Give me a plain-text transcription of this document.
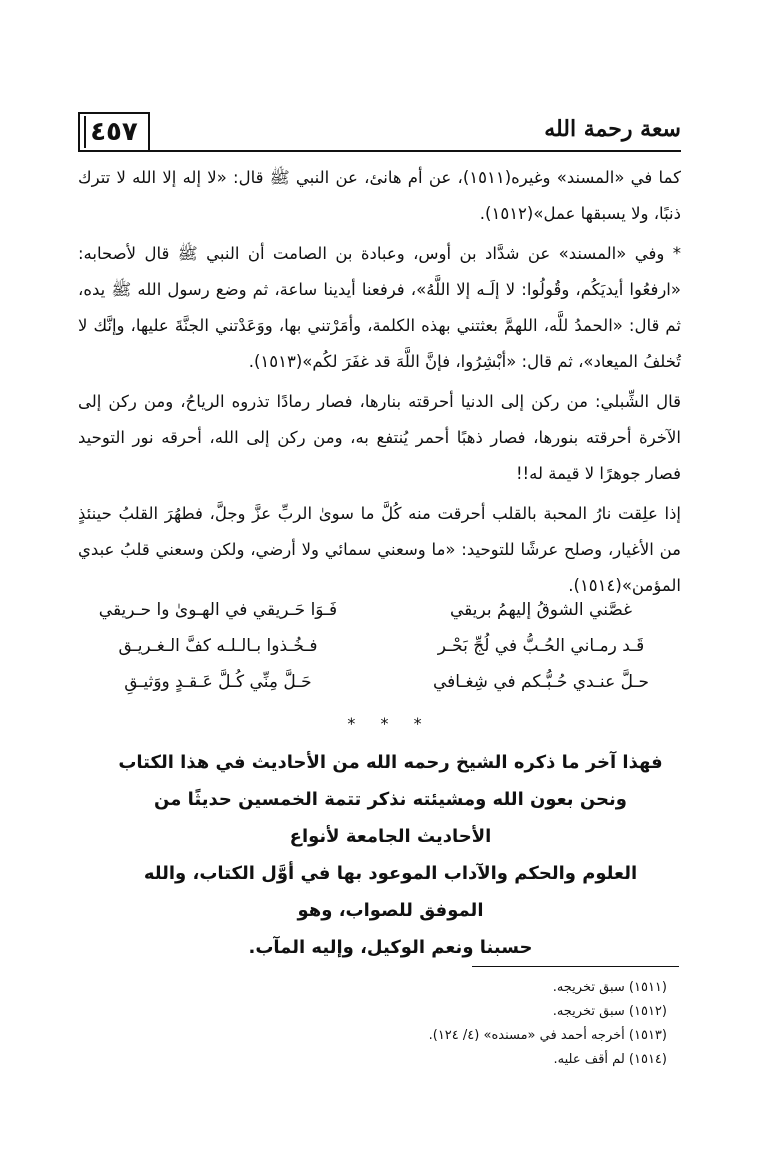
٤٥٧	سعة رحمة الله

كما في «المسند» وغيره(١٥١١)، عن أم هانئ، عن النبي ﷺ قال: «لا إله إلا الله لا تترك ذنبًا، ولا يسبقها عمل»(١٥١٢).

* وفي «المسند» عن شدَّاد بن أوس، وعبادة بن الصامت أن النبي ﷺ قال لأصحابه: «ارفعُوا أيديَكُم، وقُولُوا: لا إلَـه إلا اللَّهُ»، فرفعنا أيدينا ساعة، ثم وضع رسول الله ﷺ يده، ثم قال: «الحمدُ للَّه، اللهمَّ بعثتني بهذه الكلمة، وأمَرْتني بها، ووَعَدْتني الجنَّةَ عليها، وإنَّك لا تُخلفُ الميعاد»، ثم قال: «أبْشِرُوا، فإنَّ اللَّهَ قد غفَرَ لكُم»(١٥١٣).

قال الشِّبلي: من ركن إلى الدنيا أحرقته بنارها، فصار رمادًا تذروه الرياحُ، ومن ركن إلى الآخرة أحرقته بنورها، فصار ذهبًا أحمر يُنتفع به، ومن ركن إلى الله، أحرقه نور التوحيد فصار جوهرًا لا قيمة له!!

إذا علِقت نارُ المحبة بالقلب أحرقت منه كُلَّ ما سوىٰ الربِّ عزَّ وجلَّ، فطهُرَ القلبُ حينئذٍ من الأغيار، وصلح عرشًا للتوحيد: «ما وسعني سمائي ولا أرضي، ولكن وسعني قلبُ عبدي المؤمن»(١٥١٤).

غصَّني الشوقُ إليهمُ بريقي
فَـوَا حَـريقي في الهـوىٰ وا حـريقي
قَـد رمـاني الحُـبُّ في لُجِّ بَحْـر
فـخُـذوا بـالـلـه كفَّ الـغـريـق
حـلَّ عنـدي حُـبُّـكم في شِغـافي
حَـلَّ مِنِّي كُـلَّ عَـقـدٍ ووَثيـقِ
* * *

فهذا آخر ما ذكره الشيخ رحمه الله من الأحاديث في هذا الكتاب

ونحن بعون الله ومشيئته نذكر تتمة الخمسين حديثًا من الأحاديث الجامعة لأنواع

العلوم والحكم والآداب الموعود بها في أوَّل الكتاب، والله الموفق للصواب، وهو

حسبنا ونعم الوكيل، وإليه المآب.

(١٥١١) سبق تخريجه.
(١٥١٢) سبق تخريجه.
(١٥١٣) أخرجه أحمد في «مسنده» (٤/ ١٢٤).
(١٥١٤) لم أقف عليه.
